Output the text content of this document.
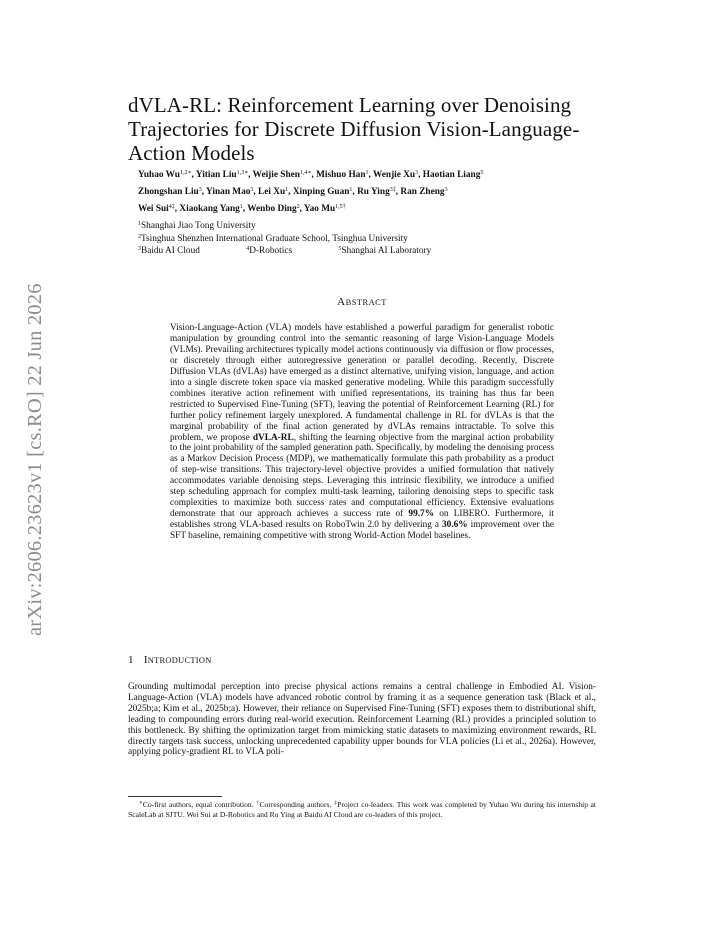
arXiv:2606.23623v1 [cs.RO] 22 Jun 2026
dVLA-RL: Reinforcement Learning over Denoising Trajectories for Discrete Diffusion Vision-Language-Action Models
Yuhao $Wu^{1,2∗}$, Yitian Liu$^{1,3∗}$, Weijie Shen$^{1,4∗}$, Mishuo Han$^1$, Wenjie Xu$^3$, Haotian Liang$^5$
Zhongshan Liu$^3$, Yinan Mao$^3$, Lei Xu$^1$, Xinping Guan$^1$, Ru Ying$^{3\ddagger}$, Ran Zheng$^3$
Wei Sui$^{4\ddagger}$, Xiaokang Yang$^1$, Wenbo Ding$^2$, Yao $Mu^{1,5\dagger}$
$^1$Shanghai Jiao Tong University
$^2$Tsinghua Shenzhen International Graduate School, Tsinghua University
$^3$Baidu AI Cloud	$^4$D-Robotics	$^5$Shanghai AI Laboratory
ABSTRACT

Vision-Language-Action (VLA) models have established a powerful paradigm for generalist robotic manipulation by grounding control into the semantic reasoning of large Vision-Language Models (VLMs). Prevailing architectures typically model actions continuously via diffusion or flow processes, or discretely through either autoregressive generation or parallel decoding. Recently, Discrete Diffusion VLAs (dVLAs) have emerged as a distinct alternative, unifying vision, language, and action into a single discrete token space via masked generative modeling. While this paradigm successfully combines iterative action refinement with unified representations, its training has thus far been restricted to Supervised Fine-Tuning (SFT), leaving the potential of Reinforcement Learning (RL) for further policy refinement largely unexplored. A fundamental challenge in RL for dVLAs is that the marginal probability of the final action generated by dVLAs remains intractable. To solve this problem, we propose dVLA-RL, shifting the learning objective from the marginal action probability to the joint probability of the sampled generation path. Specifically, by modeling the denoising process as a Markov Decision Process (MDP), we mathematically formulate this path probability as a product of step-wise transitions. This trajectory-level objective provides a unified formulation that natively accommodates variable denoising steps. Leveraging this intrinsic flexibility, we introduce a unified step scheduling approach for complex multi-task learning, tailoring denoising steps to specific task complexities to maximize both success rates and computational efficiency. Extensive evaluations demonstrate that our approach achieves a success rate of 99.7% on LIBERO. Furthermore, it establishes strong VLA-based results on RoboTwin 2.0 by delivering a 30.6% improvement over the SFT baseline, remaining competitive with strong World-Action Model baselines.

1 INTRODUCTION

Grounding multimodal perception into precise physical actions remains a central challenge in Embodied AI. Vision-Language-Action (VLA) models have advanced robotic control by framing it as a sequence generation task (Black et al., 2025b;a; Kim et al., 2025b;a). However, their reliance on Supervised Fine-Tuning (SFT) exposes them to distributional shift, leading to compounding errors during real-world execution. Reinforcement Learning (RL) provides a principled solution to this bottleneck. By shifting the optimization target from mimicking static datasets to maximizing environment rewards, RL directly targets task success, unlocking unprecedented capability upper bounds for VLA policies (Li et al., 2026a). However, applying policy-gradient RL to VLA poli-

∗Co-first authors, equal contribution. †Corresponding authors. ‡Project co-leaders. This work was completed by Yuhao Wu during his internship at ScaleLab at SJTU. Wei Sui at D-Robotics and Ru Ying at Baidu AI Cloud are co-leaders of this project.
